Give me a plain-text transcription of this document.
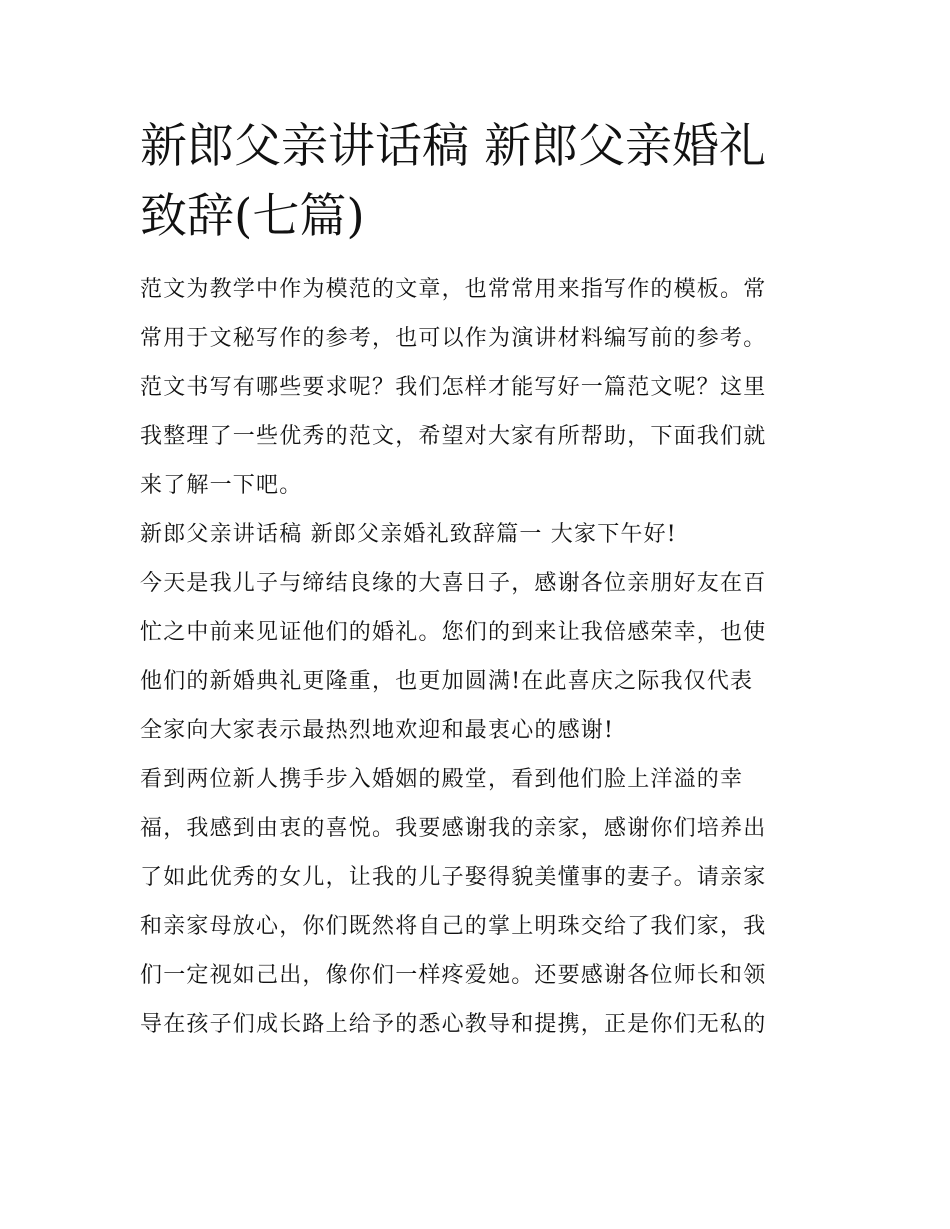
新郎父亲讲话稿 新郎父亲婚礼
致辞(七篇)
范文为教学中作为模范的文章，也常常用来指写作的模板。常
常用于文秘写作的参考，也可以作为演讲材料编写前的参考。
范文书写有哪些要求呢？我们怎样才能写好一篇范文呢？这里
我整理了一些优秀的范文，希望对大家有所帮助，下面我们就
来了解一下吧。
新郎父亲讲话稿 新郎父亲婚礼致辞篇一 大家下午好!
今天是我儿子与缔结良缘的大喜日子，感谢各位亲朋好友在百
忙之中前来见证他们的婚礼。您们的到来让我倍感荣幸，也使
他们的新婚典礼更隆重，也更加圆满!在此喜庆之际我仅代表
全家向大家表示最热烈地欢迎和最衷心的感谢!
看到两位新人携手步入婚姻的殿堂，看到他们脸上洋溢的幸
福，我感到由衷的喜悦。我要感谢我的亲家，感谢你们培养出
了如此优秀的女儿，让我的儿子娶得貌美懂事的妻子。请亲家
和亲家母放心，你们既然将自己的掌上明珠交给了我们家，我
们一定视如己出，像你们一样疼爱她。还要感谢各位师长和领
导在孩子们成长路上给予的悉心教导和提携，正是你们无私的
